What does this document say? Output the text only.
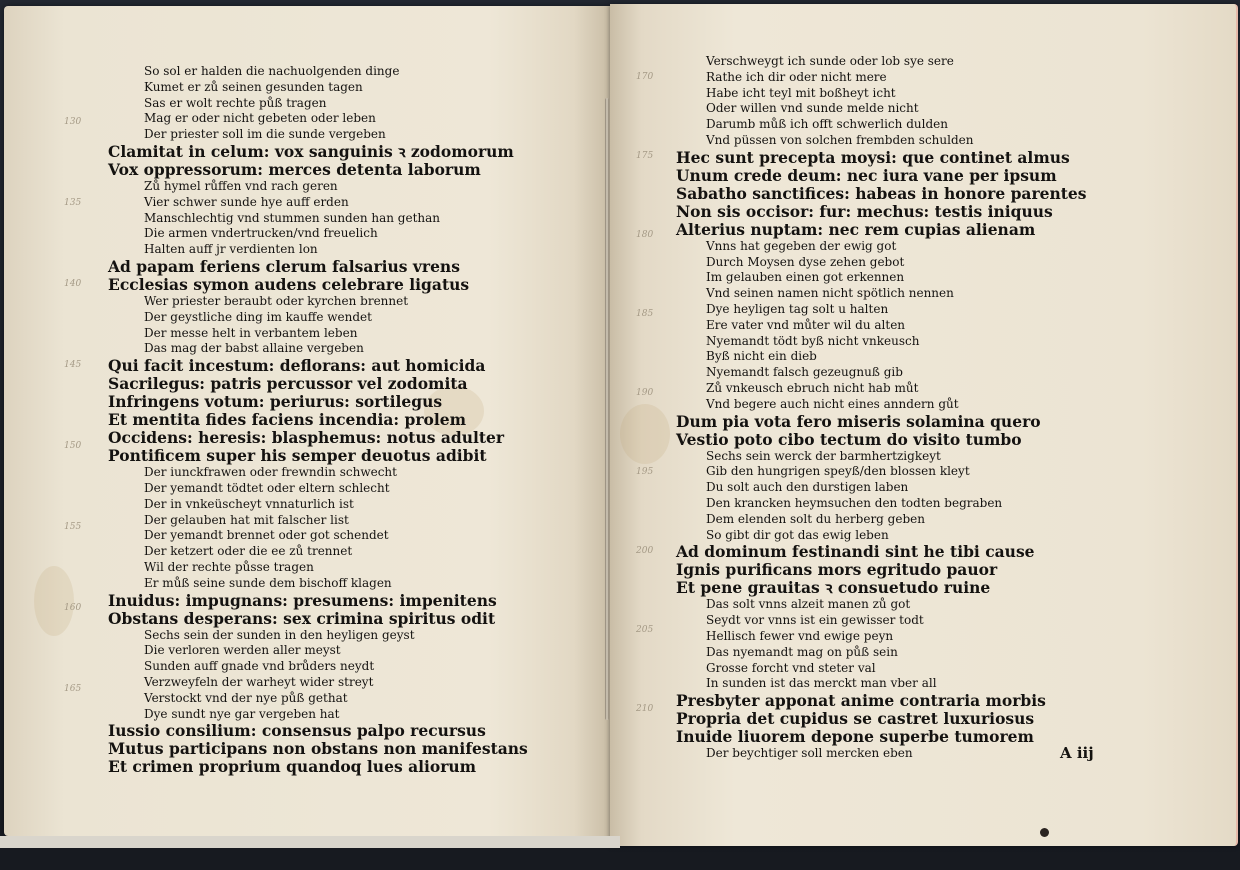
So sol er halden die nachuolgenden dinge
Kumet er zů seinen gesunden tagen
Sas er wolt rechte půß tragen
Mag er oder nicht gebeten oder leben
Der priester soll im die sunde vergeben
Clamitat in celum: vox sanguinis ꝛ zodomorum
Vox oppressorum: merces detenta laborum
Zů hymel růffen vnd rach geren
Vier schwer sunde hye auff erden
Manschlechtig vnd stummen sunden han gethan
Die armen vndertrucken/vnd freuelich
Halten auff jr verdienten lon
Ad papam feriens clerum falsarius vrens
Ecclesias symon audens celebrare ligatus
Wer priester beraubt oder kyrchen brennet
Der geystliche ding im kauffe wendet
Der messe helt in verbantem leben
Das mag der babst allaine vergeben
Qui facit incestum: deflorans: aut homicida
Sacrilegus: patris percussor vel zodomita
Infringens votum: periurus: sortilegus
Et mentita fides faciens incendia: prolem
Occidens: heresis: blasphemus: notus adulter
Pontificem super his semper deuotus adibit
Der iunckfrawen oder frewndin schwecht
Der yemandt tödtet oder eltern schlecht
Der in vnkeüscheyt vnnaturlich ist
Der gelauben hat mit falscher list
Der yemandt brennet oder got schendet
Der ketzert oder die ee zů trennet
Wil der rechte půsse tragen
Er můß seine sunde dem bischoff klagen
Inuidus: impugnans: presumens: impenitens
Obstans desperans: sex crimina spiritus odit
Sechs sein der sunden in den heyligen geyst
Die verloren werden aller meyst
Sunden auff gnade vnd brůders neydt
Verzweyfeln der warheyt wider streyt
Verstockt vnd der nye půß gethat
Dye sundt nye gar vergeben hat
Iussio consilium: consensus palpo recursus
Mutus participans non obstans non manifestans
Et crimen proprium quandoq lues aliorum
Verschweygt ich sunde oder lob sye sere
Rathe ich dir oder nicht mere
Habe icht teyl mit boßheyt icht
Oder willen vnd sunde melde nicht
Darumb můß ich offt schwerlich dulden
Vnd püssen von solchen frembden schulden
Hec sunt precepta moysi: que continet almus
Unum crede deum: nec iura vane per ipsum
Sabatho sanctifices: habeas in honore parentes
Non sis occisor: fur: mechus: testis iniquus
Alterius nuptam: nec rem cupias alienam
Vnns hat gegeben der ewig got
Durch Moysen dyse zehen gebot
Im gelauben einen got erkennen
Vnd seinen namen nicht spötlich nennen
Dye heyligen tag solt u halten
Ere vater vnd můter wil du alten
Nyemandt tödt byß nicht vnkeusch
Byß nicht ein dieb
Nyemandt falsch gezeugnuß gib
Zů vnkeusch ebruch nicht hab můt
Vnd begere auch nicht eines anndern gůt
Dum pia vota fero miseris solamina quero
Vestio poto cibo tectum do visito tumbo
Sechs sein werck der barmhertzigkeyt
Gib den hungrigen speyß/den blossen kleyt
Du solt auch den durstigen laben
Den krancken heymsuchen den todten begraben
Dem elenden solt du herberg geben
So gibt dir got das ewig leben
Ad dominum festinandi sint he tibi cause
Ignis purificans mors egritudo pauor
Et pene grauitas ꝛ consuetudo ruine
Das solt vnns alzeit manen zů got
Seydt vor vnns ist ein gewisser todt
Hellisch fewer vnd ewige peyn
Das nyemandt mag on půß sein
Grosse forcht vnd steter val
In sunden ist das merckt man vber all
Presbyter apponat anime contraria morbis
Propria det cupidus se castret luxuriosus
Inuide liuorem depone superbe tumorem
Der beychtiger soll mercken eben
130
135
140
145
150
155
160
165
170
175
180
185
190
195
200
205
210
A iij
